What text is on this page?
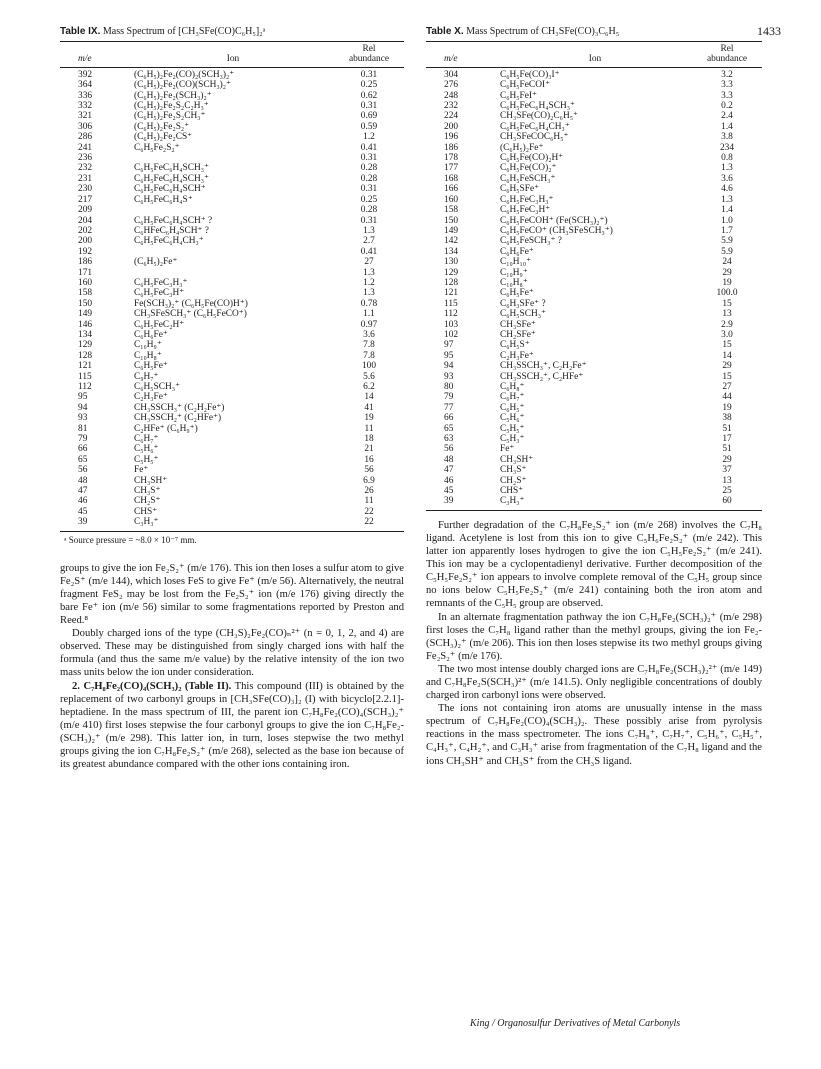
1433
Table IX. Mass Spectrum of [CH₃SFe(CO)C₆H₅]₂ᵃ
		Rel
m/e	Ion	abundance
392	(C₆H₅)₂Fe₂(CO)₂(SCH₃)₂⁺	0.31
364	(C₆H₅)₂Fe₂(CO)(SCH₃)₂⁺	0.25
336	(C₆H₅)₂Fe₂(SCH₃)₂⁺	0.62
332	(C₆H₅)₂Fe₂S₂C₂H₃⁺	0.31
321	(C₆H₅)₂Fe₂S₂CH₃⁺	0.69
306	(C₆H₅)₂Fe₂S₂⁺	0.59
286	(C₆H₅)₂Fe₂CS⁺	1.2
241	C₆H₅Fe₂S₂⁺	0.41
236		0.31
232	C₆H₅FeC₆H₄SCH₃⁺	0.28
231	C₆H₅FeC₆H₄SCH₃⁺	0.28
230	C₆H₅FeC₆H₄SCH⁺	0.31
217	C₆H₅FeC₆H₄S⁺	0.25
209		0.28
204	C₆H₅FeC₆H₄SCH⁺ ?	0.31
202	C₆HFeC₆H₄SCH⁺ ?	1.3
200	C₆H₅FeC₆H₄CH₃⁺	2.7
192		0.41
186	(C₆H₅)₂Fe⁺	27
171		1.3
160	C₆H₅FeC₃H₃⁺	1.2
158	C₆H₅FeC₃H⁺	1.3
150	Fe(SCH₃)₂⁺ (C₆H₅Fe(CO)H⁺)	0.78
149	CH₃SFeSCH₃⁺ (C₆H₅FeCO⁺)	1.1
146	C₆H₅FeC₂H⁺	0.97
134	C₆H₆Fe⁺	3.6
129	C₁₀H₉⁺	7.8
128	C₁₀H₈⁺	7.8
121	C₆H₅Fe⁺	100
115	C₉H₇⁺	5.6
112	C₆H₅SCH₃⁺	6.2
95	C₂H₃Fe⁺	14
94	CH₃SSCH₃⁺ (C₂H₂Fe⁺)	41
93	CH₃SSCH₂⁺ (C₂HFe⁺)	19
81	C₂HFe⁺ (C₆H₉⁺)	11
79	C₆H₇⁺	18
66	C₅H₆⁺	21
65	C₅H₅⁺	16
56	Fe⁺	56
48	CH₃SH⁺	6.9
47	CH₃S⁺	26
46	CH₂S⁺	11
45	CHS⁺	22
39	C₃H₃⁺	22
ᵃ Source pressure = ~8.0 × 10⁻⁷ mm.

groups to give the ion Fe₂S₂⁺ (m/e 176). This ion then loses a sulfur atom to give Fe₂S⁺ (m/e 144), which loses FeS to give Fe⁺ (m/e 56). Alternatively, the neutral fragment FeS₂ may be lost from the Fe₂S₂⁺ ion (m/e 176) giving directly the bare Fe⁺ ion (m/e 56) similar to some fragmentations reported by Preston and Reed.⁸

Doubly charged ions of the type (CH₃S)₂Fe₂(CO)ₙ²⁺ (n = 0, 1, 2, and 4) are observed. These may be distinguished from singly charged ions with half the formula (and thus the same m/e value) by the relative intensity of the ion two mass units below the ion under consideration.

2. C₇H₈Fe₂(CO)₄(SCH₃)₂ (Table II). This compound (III) is obtained by the replacement of two carbonyl groups in [CH₃SFe(CO)₃]₂ (I) with bicyclo[2.2.1]-heptadiene. In the mass spectrum of III, the parent ion C₇H₈Fe₂(CO)₄(SCH₃)₂⁺ (m/e 410) first loses stepwise the four carbonyl groups to give the ion C₇H₈Fe₂-(SCH₃)₂⁺ (m/e 298). This latter ion, in turn, loses stepwise the two methyl groups giving the ion C₇H₈Fe₂S₂⁺ (m/e 268), selected as the base ion because of its greatest abundance compared with the other ions containing iron.

Table X. Mass Spectrum of CH₃SFe(CO)₃C₆H₅
		Rel
m/e	Ion	abundance
304	C₆H₅Fe(CO)₃I⁺	3.2
276	C₆H₅FeCOI⁺	3.3
248	C₆H₅FeI⁺	3.3
232	C₆H₅FeC₆H₄SCH₃⁺	0.2
224	CH₃SFe(CO)₂C₆H₅⁺	2.4
200	C₆H₅FeC₆H₄CH₃⁺	1.4
196	CH₃SFeCOC₆H₅⁺	3.8
186	(C₆H₅)₂Fe⁺	234
178	C₆H₅Fe(CO)₂H⁺	0.8
177	C₆H₅Fe(CO)₂⁺	1.3
168	C₆H₅FeSCH₃⁺	3.6
166	C₆H₅SFe⁺	4.6
160	C₆H₅FeC₃H₃⁺	1.3
158	C₆H₅FeC₃H⁺	1.4
150	C₆H₅FeCOH⁺ (Fe(SCH₃)₂⁺)	1.0
149	C₆H₅FeCO⁺ (CH₃SFeSCH₃⁺)	1.7
142	C₆H₅FeSCH₃⁺ ?	5.9
134	C₆H₆Fe⁺	5.9
130	C₁₀H₁₀⁺	24
129	C₁₀H₉⁺	29
128	C₁₀H₈⁺	19
121	C₆H₅Fe⁺	100.0
115	C₆H₃SFe⁺ ?	15
112	C₆H₅SCH₃⁺	13
103	CH₃SFe⁺	2.9
102	CH₂SFe⁺	3.0
97	C₆H₅S⁺	15
95	C₂H₃Fe⁺	14
94	CH₃SSCH₃⁺, C₂H₂Fe⁺	29
93	CH₃SSCH₂⁺, C₂HFe⁺	15
80	C₆H₈⁺	27
79	C₆H₇⁺	44
77	C₆H₅⁺	19
66	C₅H₆⁺	38
65	C₅H₅⁺	51
63	C₅H₃⁺	17
56	Fe⁺	51
48	CH₃SH⁺	29
47	CH₃S⁺	37
46	CH₂S⁺	13
45	CHS⁺	25
39	C₃H₃⁺	60

Further degradation of the C₇H₈Fe₂S₂⁺ ion (m/e 268) involves the C₇H₈ ligand. Acetylene is lost from this ion to give C₅H₆Fe₂S₂⁺ (m/e 242). This latter ion apparently loses hydrogen to give the ion C₅H₅Fe₂S₂⁺ (m/e 241). This ion may be a cyclopentadienyl derivative. Further decomposition of the C₅H₅Fe₂S₂⁺ ion appears to involve complete removal of the C₅H₅ group since no ions below C₅H₅Fe₂S₂⁺ (m/e 241) containing both the iron atom and remnants of the C₅H₅ group are observed.

In an alternate fragmentation pathway the ion C₇H₈Fe₂(SCH₃)₂⁺ (m/e 298) first loses the C₇H₈ ligand rather than the methyl groups, giving the ion Fe₂-(SCH₃)₂⁺ (m/e 206). This ion then loses stepwise its two methyl groups giving Fe₂S₂⁺ (m/e 176).

The two most intense doubly charged ions are C₇H₈Fe₂(SCH₃)₂²⁺ (m/e 149) and C₇H₈Fe₂S(SCH₃)²⁺ (m/e 141.5). Only negligible concentrations of doubly charged iron carbonyl ions were observed.

The ions not containing iron atoms are unusually intense in the mass spectrum of C₇H₈Fe₂(CO)₄(SCH₃)₂. These possibly arise from pyrolysis reactions in the mass spectrometer. The ions C₇H₈⁺, C₇H₇⁺, C₅H₆⁺, C₅H₅⁺, C₄H₃⁺, C₄H₂⁺, and C₃H₃⁺ arise from fragmentation of the C₇H₈ ligand and the ions CH₃SH⁺ and CH₃S⁺ from the CH₃S ligand.

King / Organosulfur Derivatives of Metal Carbonyls
